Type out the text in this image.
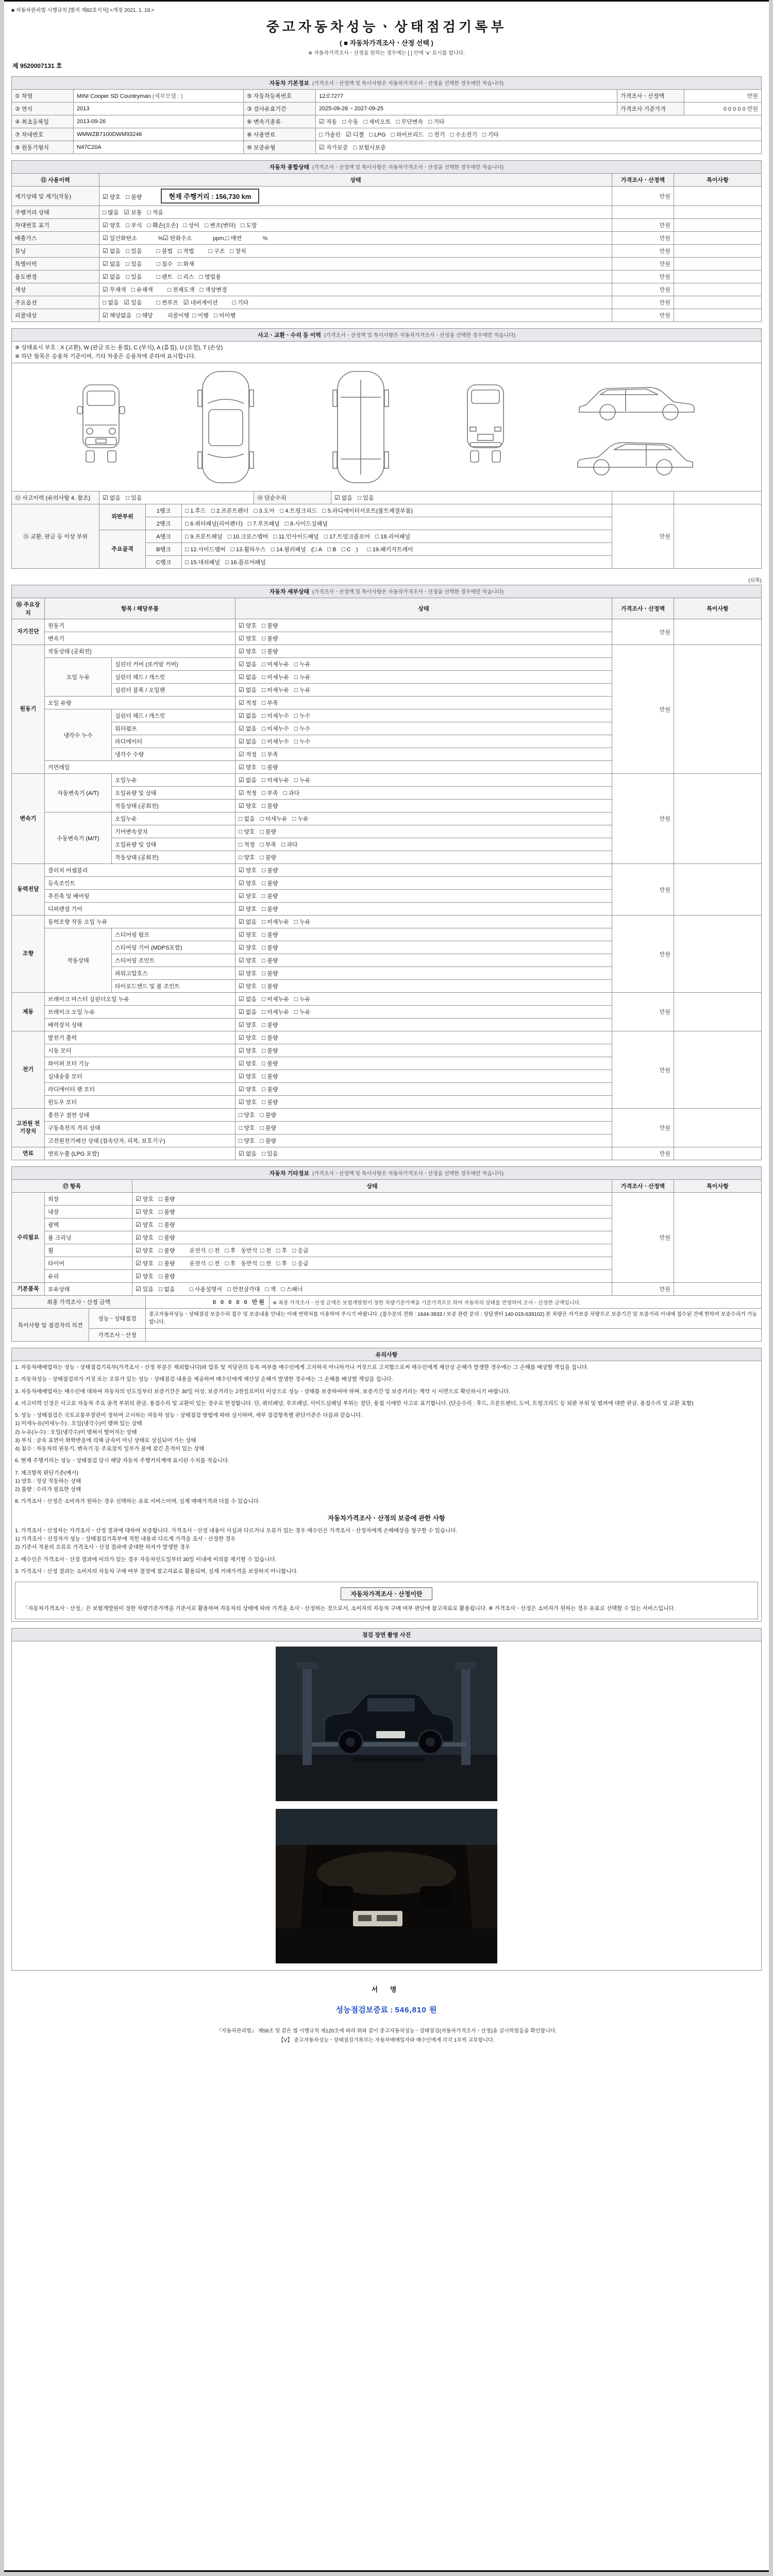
■ 자동차관리법 시행규칙 [별지 제82호서식] <개정 2021. 1. 19.>
중고자동차성능ㆍ상태점검기록부
( ■ 자동차가격조사ㆍ산정 선택 )
※ 자동차가격조사ㆍ산정을 원하는 경우에는 [ ] 안에 '∨' 표시를 합니다.
제 9520007131 호
자동차 기본정보 (가격조사ㆍ산정액 및 특이사항은 자동차가격조사ㆍ산정을 선택한 경우에만 적습니다)					
① 차명	MINI Cooper SD Countryman (세부모델 : )	⑤ 자동차등록번호	12로7277	가격조사ㆍ산정액	만원
② 연식	2013	③ 검사유효기간	2025-09-28 ~ 2027-09-25	가격조사 기준가격	0 0 0 0 0 만원
④ 최초등록일	2013-09-26	⑥ 변속기종류	☑ 자동 □ 수동 □ 세미오토 □ 무단변속 □ 기타		
⑦ 차대번호	WMWZB7100DWM93246	⑧ 사용연료	□ 가솔린 ☑ 디젤 □ LPG □ 하이브리드 □ 전기 □ 수소전기 □ 기타		
⑨ 원동기형식	N47C20A	⑩ 보증유형	☑ 자가보증 □ 보험사보증		
자동차 종합상태 (가격조사ㆍ산정액 및 특이사항은 자동차가격조사ㆍ산정을 선택한 경우에만 적습니다)			
⑪ 사용이력	상태	가격조사ㆍ산정액	특이사항
계기상태 및 계기(작동)	☑ 양호 □ 불량 현재 주행거리 : 156,730 km	만원	
주행거리 상태	□ 많음 ☑ 보통 □ 적음		
차대번호 표기	☑ 양호 □ 부식 □ 훼손(오손) □ 상이 □ 변조(변타) □ 도말	만원	
배출가스	☑ 일산화탄소          %☑ 탄화수소          ppm,□ 매연          %	만원	
튜닝	☑ 없음 □ 있음 □ 불법 □ 적법 □ 구조 □ 장치	만원	
특별이력	☑ 없음 □ 있음 □ 침수 □ 화재	만원	
용도변경	☑ 없음 □ 있음 □ 렌트 □ 리스 □ 영업용	만원	
색상	☑ 무채색 □ 유채색 □ 전체도색 □ 색상변경	만원	
주요옵션	□ 없음 ☑ 있음 □ 썬루프 ☑ 네비게이션 □ 기타	만원	
리콜대상	☑ 해당없음 □ 해당 리콜이행  □ 이행 □ 미이행	만원	
사고ㆍ교환ㆍ수리 등 이력 (가격조사ㆍ산정액 및 특이사항은 자동차가격조사ㆍ산정을 선택한 경우에만 적습니다)

※ 상태표시 부호 : X (교환), W (판금 또는 용접), C (부식), A (흠집), U (요철), T (손상)
※ 하단 항목은 승용차 기준이며, 기타 차종은 승용차에 준하여 표시합니다.

⑬ 사고이력 (유의사항 4. 참조)	☑ 없음 □ 있음	⑭ 단순수리	☑ 없음 □ 있음		
⑮ 교환, 판금 등 이상 부위	외판부위	1랭크	□ 1.후드 □ 2.프론트펜더 □ 3.도어 □ 4.트렁크리드 □ 5.라디에이터서포트(볼트체결부품)	만원	
		2랭크	□ 6.쿼터패널(리어펜더) □ 7.루프패널 □ 8.사이드실패널		
	주요골격	A랭크	□ 9.프론트패널 □ 10.크로스멤버 □ 11.인사이드패널 □ 17.트렁크플로어 □ 18.리어패널		
		B랭크	□ 12.사이드멤버 □ 13.휠하우스 □ 14.필러패널 (□ A □ B □ C ) □ 19.패키지트레이		
		C랭크	□ 15.대쉬패널 □ 16.플로어패널		
(뒤쪽)
자동차 세부상태 (가격조사ㆍ산정액 및 특이사항은 자동차가격조사ㆍ산정을 선택한 경우에만 적습니다)					
⑯ 주요장치	항목 / 해당부품		상태	가격조사ㆍ산정액	특이사항
자기진단	원동기		☑ 양호 □ 불량	만원	
	변속기		☑ 양호 □ 불량		
원동기	작동상태 (공회전)		☑ 양호 □ 불량	만원	
	오일 누유	실린더 커버 (로커암 커버)	☑ 없음 □ 미세누유 □ 누유		
		실린더 헤드 / 개스킷	☑ 없음 □ 미세누유 □ 누유		
		실린더 블록 / 오일팬	☑ 없음 □ 미세누유 □ 누유		
	오일 유량		☑ 적정 □ 부족		
	냉각수 누수	실린더 헤드 / 개스킷	☑ 없음 □ 미세누수 □ 누수		
		워터펌프	☑ 없음 □ 미세누수 □ 누수		
		라디에이터	☑ 없음 □ 미세누수 □ 누수		
		냉각수 수량	☑ 적정 □ 부족		
	커먼레일		☑ 양호 □ 불량		
변속기	자동변속기 (A/T)	오일누유	☑ 없음 □ 미세누유 □ 누유	만원	
		오일유량 및 상태	☑ 적정 □ 부족 □ 과다		
		작동상태 (공회전)	☑ 양호 □ 불량		
	수동변속기 (M/T)	오일누유	□ 없음 □ 미세누유 □ 누유		
		기어변속장치	□ 양호 □ 불량		
		오일유량 및 상태	□ 적정 □ 부족 □ 과다		
		작동상태 (공회전)	□ 양호 □ 불량		
동력전달	클러치 어셈블리		☑ 양호 □ 불량	만원	
	등속조인트		☑ 양호 □ 불량		
	추진축 및 베어링		☑ 양호 □ 불량		
	디퍼렌셜 기어		☑ 양호 □ 불량		
조향	동력조향 작동 오일 누유		☑ 없음 □ 미세누유 □ 누유	만원	
	작동상태	스티어링 펌프	☑ 양호 □ 불량		
		스티어링 기어 (MDPS포함)	☑ 양호 □ 불량		
		스티어링 조인트	☑ 양호 □ 불량		
		파워고압호스	☑ 양호 □ 불량		
		타이로드엔드 및 볼 조인트	☑ 양호 □ 불량		
제동	브레이크 마스터 실린더오일 누유		☑ 없음 □ 미세누유 □ 누유	만원	
	브레이크 오일 누유		☑ 없음 □ 미세누유 □ 누유		
	배력장치 상태		☑ 양호 □ 불량		
전기	발전기 출력		☑ 양호 □ 불량	만원	
	시동 모터		☑ 양호 □ 불량		
	와이퍼 모터 기능		☑ 양호 □ 불량		
	실내송풍 모터		☑ 양호 □ 불량		
	라디에이터 팬 모터		☑ 양호 □ 불량		
	윈도우 모터		☑ 양호 □ 불량		
고전원 전기장치	충전구 절연 상태		□ 양호 □ 불량	만원	
	구동축전지 격리 상태		□ 양호 □ 불량		
	고전원전기배선 상태 (접속단자, 피복, 보호기구)		□ 양호 □ 불량		
연료	연료누출 (LPG 포함)		☑ 없음 □ 있음	만원	
자동차 기타정보 (가격조사ㆍ산정액 및 특이사항은 자동차가격조사ㆍ산정을 선택한 경우에만 적습니다)				
⑰ 항목		상태	가격조사ㆍ산정액	특이사항
수리필요	외장	☑ 양호 □ 불량	만원	
	내장	☑ 양호 □ 불량		
	광택	☑ 양호 □ 불량		
	룸 크리닝	☑ 양호 □ 불량		
	휠	☑ 양호 □ 불량 운전석  □ 전 □ 후 동반석  □ 전 □ 후 □ 응급		
	타이어	☑ 양호 □ 불량 운전석  □ 전 □ 후 동반석  □ 전 □ 후 □ 응급		
	유리	☑ 양호 □ 불량		
기본품목	보유상태	☑ 있음 □ 없음 □ 사용설명서 □ 안전삼각대 □ 잭 □ 스패너	만원	
최종 가격조사ㆍ산정 금액		0 0 0 0 0 만원	※ 최종 가격조사ㆍ산정 금액은 보험개발원이 정한 차량기준가액을 기준가격으로 하여 자동차의 상태를 반영하여 조사ㆍ산정한 금액입니다.
특이사항 및 점검자의 의견	성능ㆍ상태점검	중고자동차성능ㆍ상태점검 보증수리 접수 및 보증내용 안내는 아래 연락처를 이용하여 주시기 바랍니다. (접수문의 전화 : 1644-3933 / 보증 관련 문의 : 상담센터 140-015-639102) 본 차량은 자가보증 차량으로 보증기간 및 보증거리 이내에 접수된 건에 한하여 보증수리가 가능합니다.	
	가격조사ㆍ산정		
유의사항

1. 자동차매매업자는 성능ㆍ상태점검기록부(가격조사ㆍ산정 부분은 제외합니다)와 압류 및 저당권의 등록 여부를 매수인에게 고지하지 아니하거나 거짓으로 고지함으로써 매수인에게 재산상 손해가 발생한 경우에는 그 손해를 배상할 책임을 집니다.

2. 자동차성능ㆍ상태점검자가 거짓 또는 오류가 있는 성능ㆍ상태점검 내용을 제공하여 매수인에게 재산상 손해가 발생한 경우에는 그 손해를 배상할 책임을 집니다.

3. 자동차매매업자는 매수인에 대하여 자동차의 인도일부터 보증기간은 30일 이상, 보증거리는 2천킬로미터 이상으로 성능ㆍ상태를 보증하여야 하며, 보증기간 및 보증거리는 계약 시 서면으로 확인하시기 바랍니다.

4. 사고이력 인정은 사고로 자동차 주요 골격 부위의 판금, 용접수리 및 교환이 있는 경우로 한정합니다. 단, 쿼터패널, 루프패널, 사이드실패널 부위는 절단, 용접 시에만 사고로 표기합니다. (단순수리 : 후드, 프론트펜더, 도어, 트렁크리드 등 외판 부위 및 범퍼에 대한 판금, 용접수리 및 교환 포함)

5. 성능ㆍ상태점검은 국토교통부장관이 정하여 고시하는 자동차 성능ㆍ상태점검 방법에 따라 실시하며, 세부 점검항목별 판단기준은 다음과 같습니다.
1) 미세누유(미세누수) : 오일(냉각수)이 맺혀 있는 상태
2) 누유(누수) : 오일(냉각수)이 맺혀서 떨어지는 상태
3) 부식 : 금속 표면이 화학반응에 의해 금속이 아닌 상태로 상실되어 가는 상태
4) 침수 : 자동차의 원동기, 변속기 등 주요장치 일부가 물에 잠긴 흔적이 있는 상태

6. 현재 주행거리는 성능ㆍ상태점검 당시 해당 자동차 주행거리계에 표시된 수치를 적습니다.

7. 체크항목 판단기준(예시)
1) 양호 : 정상 작동하는 상태
2) 불량 : 수리가 필요한 상태

8. 가격조사ㆍ산정은 소비자가 원하는 경우 선택하는 유료 서비스이며, 실제 매매가격과 다를 수 있습니다.

자동차가격조사ㆍ산정의 보증에 관한 사항

1. 가격조사ㆍ산정자는 가격조사ㆍ산정 결과에 대하여 보증합니다. 가격조사ㆍ산정 내용이 사실과 다르거나 오류가 있는 경우 매수인은 가격조사ㆍ산정자에게 손해배상을 청구할 수 있습니다.
1) 가격조사ㆍ산정자가 성능ㆍ상태점검기록부에 적힌 내용과 다르게 가격을 조사ㆍ산정한 경우
2) 기준서 적용의 오류로 가격조사ㆍ산정 결과에 중대한 하자가 발생한 경우

2. 매수인은 가격조사ㆍ산정 결과에 이의가 있는 경우 자동차인도일부터 30일 이내에 이의를 제기할 수 있습니다.

3. 가격조사ㆍ산정 결과는 소비자의 자동차 구매 여부 결정에 참고자료로 활용되며, 실제 거래가격을 보장하지 아니합니다.

자동차가격조사ㆍ산정이란

「자동차가격조사ㆍ산정」은 보험개발원이 정한 차량기준가액을 기준서로 활용하여 자동차의 상태에 따라 가격을 조사ㆍ산정하는 것으로서, 소비자의 자동차 구매 여부 판단에 참고자료로 활용됩니다. ※ 가격조사ㆍ산정은 소비자가 원하는 경우 유료로 선택할 수 있는 서비스입니다.

점검 장면 촬영 사진

서 명
성능점검보증료 : 546,810 원

『자동차관리법』 제58조 및 같은 법 시행규칙 제120조에 따라 위와 같이 중고자동차성능ㆍ상태점검(자동차가격조사ㆍ산정)을 실시하였음을 확인합니다.

【Ⅴ】 중고자동차성능ㆍ상태점검기록부는 자동차매매업자와 매수인에게 각각 1부씩 교부합니다.
